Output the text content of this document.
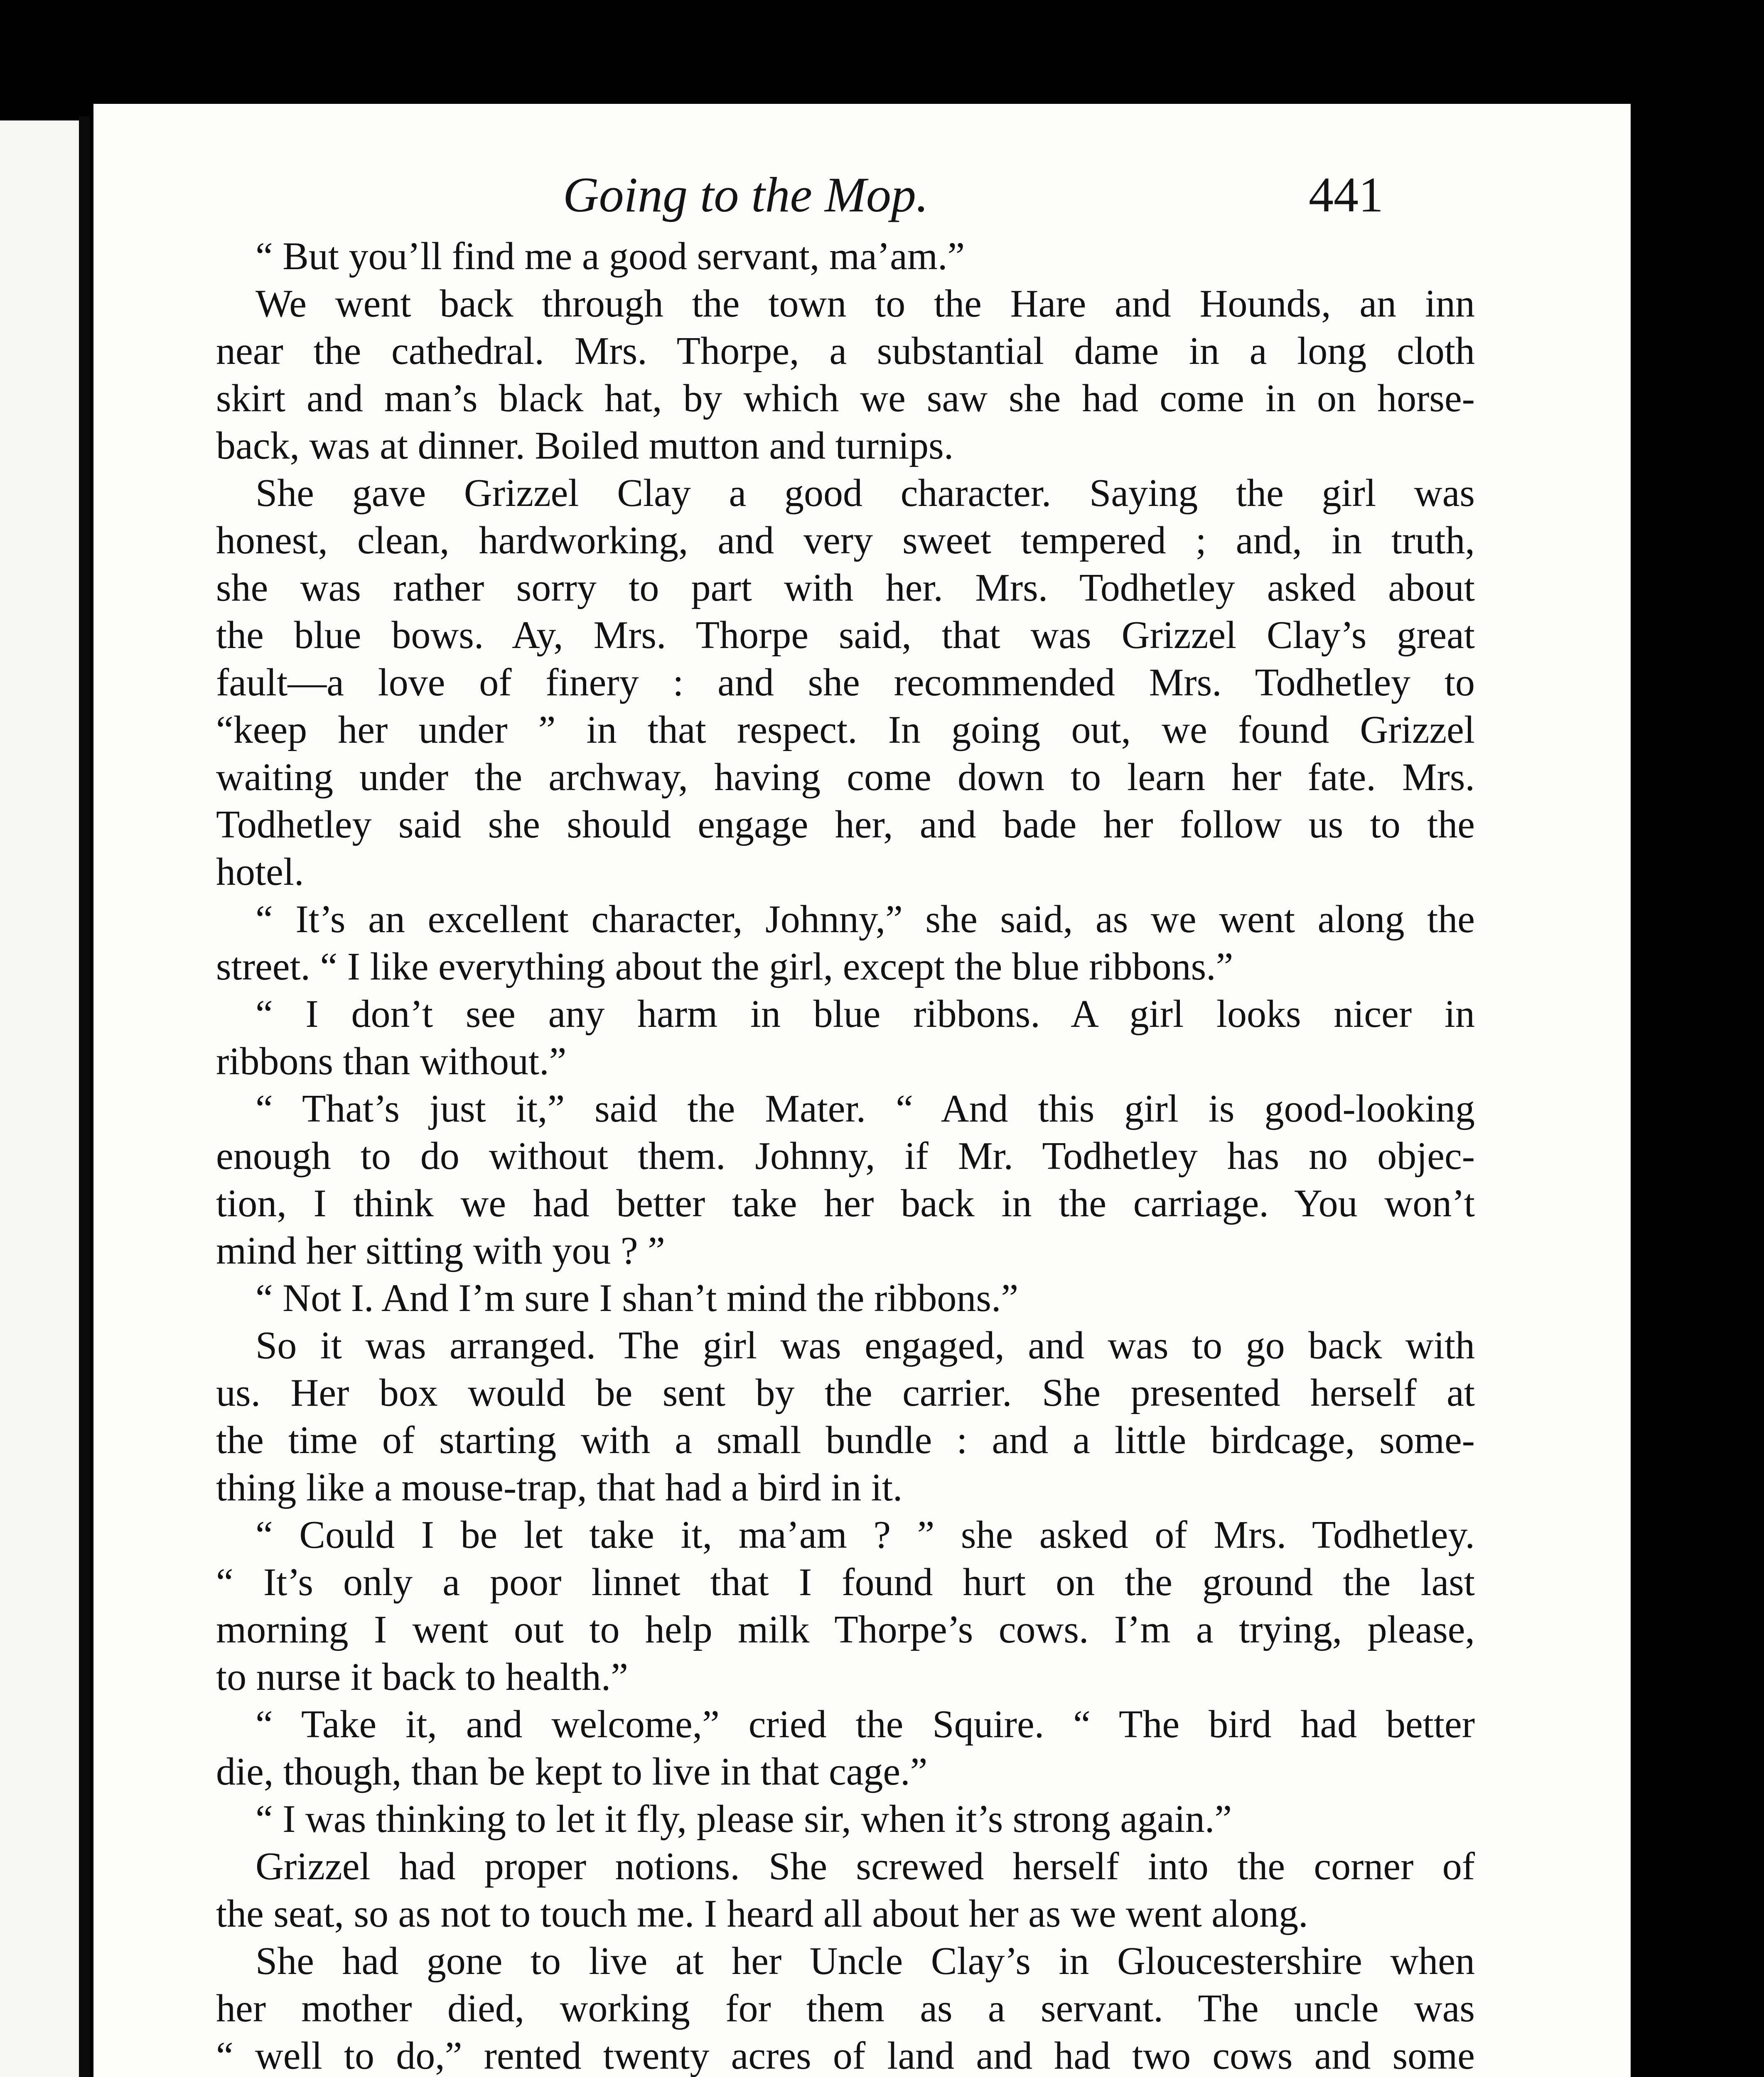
Going to the Mop.	441
“ But you’ll find me a good servant, ma’am.”
We went back through the town to the Hare and Hounds, an inn
near the cathedral. Mrs. Thorpe, a substantial dame in a long cloth
skirt and man’s black hat, by which we saw she had come in on horse-
back, was at dinner. Boiled mutton and turnips.
She gave Grizzel Clay a good character. Saying the girl was
honest, clean, hardworking, and very sweet tempered ; and, in truth,
she was rather sorry to part with her. Mrs. Todhetley asked about
the blue bows. Ay, Mrs. Thorpe said, that was Grizzel Clay’s great
fault—a love of finery : and she recommended Mrs. Todhetley to
“keep her under ” in that respect. In going out, we found Grizzel
waiting under the archway, having come down to learn her fate. Mrs.
Todhetley said she should engage her, and bade her follow us to the
hotel.
“ It’s an excellent character, Johnny,” she said, as we went along the
street. “ I like everything about the girl, except the blue ribbons.”
“ I don’t see any harm in blue ribbons. A girl looks nicer in
ribbons than without.”
“ That’s just it,” said the Mater. “ And this girl is good-looking
enough to do without them. Johnny, if Mr. Todhetley has no objec-
tion, I think we had better take her back in the carriage. You won’t
mind her sitting with you ? ”
“ Not I. And I’m sure I shan’t mind the ribbons.”
So it was arranged. The girl was engaged, and was to go back with
us. Her box would be sent by the carrier. She presented herself at
the time of starting with a small bundle : and a little birdcage, some-
thing like a mouse-trap, that had a bird in it.
“ Could I be let take it, ma’am ? ” she asked of Mrs. Todhetley.
“ It’s only a poor linnet that I found hurt on the ground the last
morning I went out to help milk Thorpe’s cows. I’m a trying, please,
to nurse it back to health.”
“ Take it, and welcome,” cried the Squire. “ The bird had better
die, though, than be kept to live in that cage.”
“ I was thinking to let it fly, please sir, when it’s strong again.”
Grizzel had proper notions. She screwed herself into the corner of
the seat, so as not to touch me. I heard all about her as we went along.
She had gone to live at her Uncle Clay’s in Gloucestershire when
her mother died, working for them as a servant. The uncle was
“ well to do,” rented twenty acres of land and had two cows and some
